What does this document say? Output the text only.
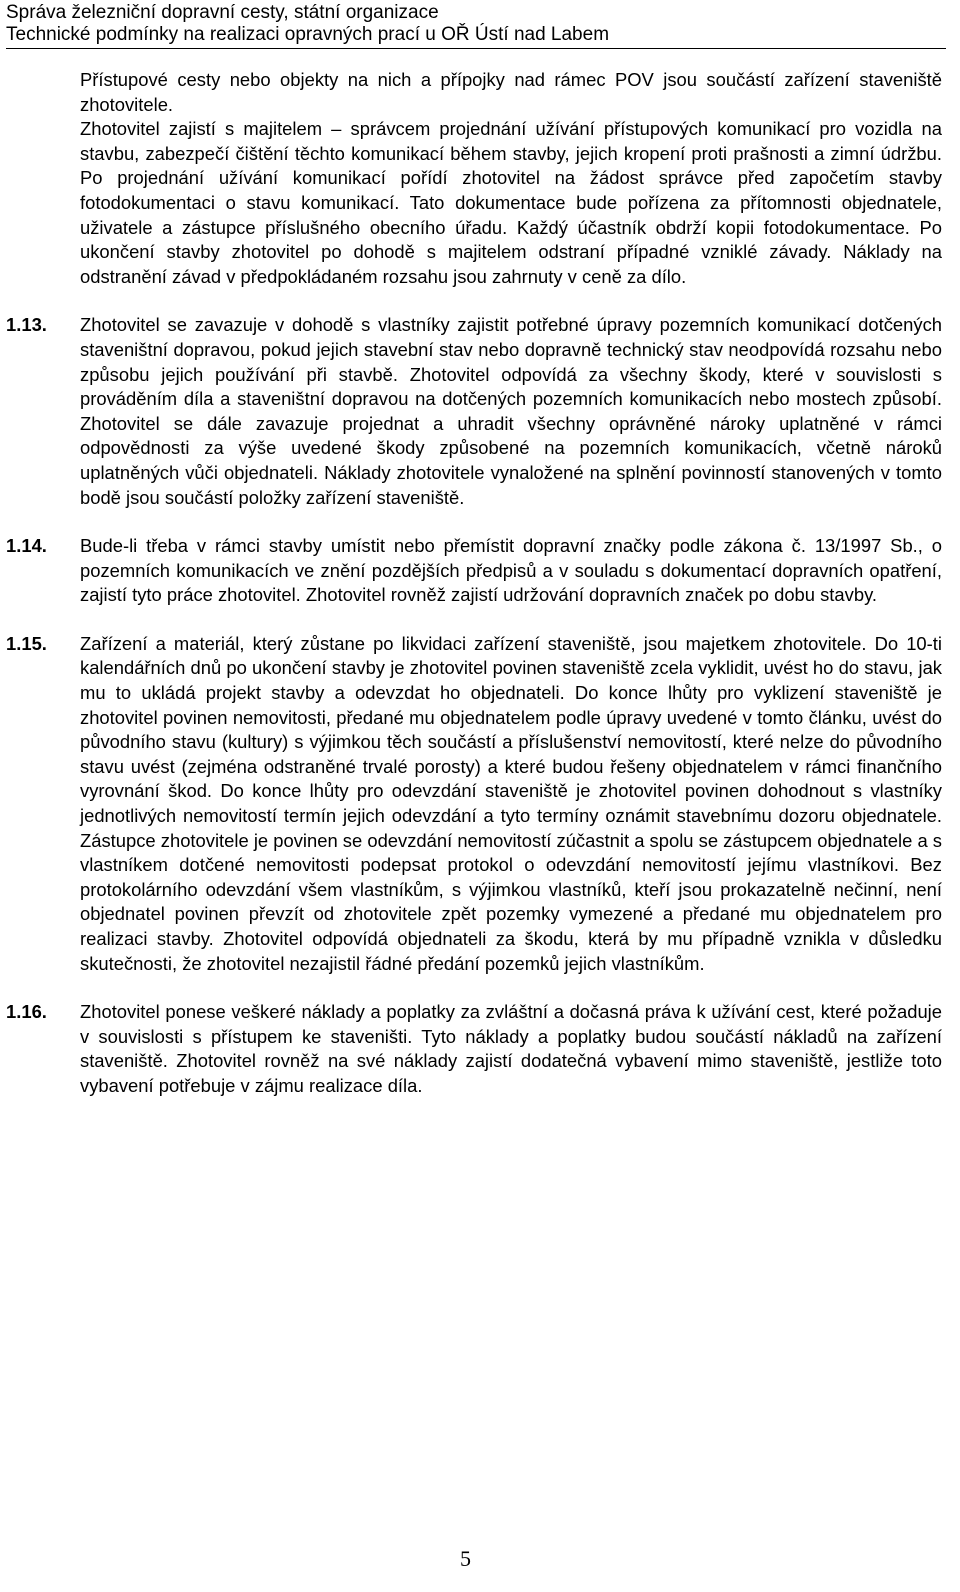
Správa železniční dopravní cesty, státní organizace
Technické podmínky na realizaci opravných prací u OŘ Ústí nad Labem

Přístupové cesty nebo objekty na nich a přípojky nad rámec POV jsou součástí zařízení staveniště zhotovitele.

Zhotovitel zajistí s majitelem – správcem projednání užívání přístupových komunikací pro vozidla na stavbu, zabezpečí čištění těchto komunikací během stavby, jejich kropení proti prašnosti a zimní údržbu. Po projednání užívání komunikací pořídí zhotovitel na žádost správce před započetím stavby fotodokumentaci o stavu komunikací. Tato dokumentace bude pořízena za přítomnosti objednatele, uživatele a zástupce příslušného obecního úřadu. Každý účastník obdrží kopii fotodokumentace. Po ukončení stavby zhotovitel po dohodě s majitelem odstraní případné vzniklé závady. Náklady na odstranění závad v předpokládaném rozsahu jsou zahrnuty v ceně za dílo.

1.13. Zhotovitel se zavazuje v dohodě s vlastníky zajistit potřebné úpravy pozemních komunikací dotčených staveništní dopravou, pokud jejich stavební stav nebo dopravně technický stav neodpovídá rozsahu nebo způsobu jejich používání při stavbě. Zhotovitel odpovídá za všechny škody, které v souvislosti s prováděním díla a staveništní dopravou na dotčených pozemních komunikacích nebo mostech způsobí. Zhotovitel se dále zavazuje projednat a uhradit všechny oprávněné nároky uplatněné v rámci odpovědnosti za výše uvedené škody způsobené na pozemních komunikacích, včetně nároků uplatněných vůči objednateli. Náklady zhotovitele vynaložené na splnění povinností stanovených v tomto bodě jsou součástí položky zařízení staveniště.

1.14. Bude-li třeba v rámci stavby umístit nebo přemístit dopravní značky podle zákona č. 13/1997 Sb., o pozemních komunikacích ve znění pozdějších předpisů a v souladu s dokumentací dopravních opatření, zajistí tyto práce zhotovitel. Zhotovitel rovněž zajistí udržování dopravních značek po dobu stavby.

1.15. Zařízení a materiál, který zůstane po likvidaci zařízení staveniště, jsou majetkem zhotovitele. Do 10-ti kalendářních dnů po ukončení stavby je zhotovitel povinen staveniště zcela vyklidit, uvést ho do stavu, jak mu to ukládá projekt stavby a odevzdat ho objednateli. Do konce lhůty pro vyklizení staveniště je zhotovitel povinen nemovitosti, předané mu objednatelem podle úpravy uvedené v tomto článku, uvést do původního stavu (kultury) s výjimkou těch součástí a příslušenství nemovitostí, které nelze do původního stavu uvést (zejména odstraněné trvalé porosty) a které budou řešeny objednatelem v rámci finančního vyrovnání škod. Do konce lhůty pro odevzdání staveniště je zhotovitel povinen dohodnout s vlastníky jednotlivých nemovitostí termín jejich odevzdání a tyto termíny oznámit stavebnímu dozoru objednatele. Zástupce zhotovitele je povinen se odevzdání nemovitostí zúčastnit a spolu se zástupcem objednatele a s vlastníkem dotčené nemovitosti podepsat protokol o odevzdání nemovitostí jejímu vlastníkovi. Bez protokolárního odevzdání všem vlastníkům, s výjimkou vlastníků, kteří jsou prokazatelně nečinní, není objednatel povinen převzít od zhotovitele zpět pozemky vymezené a předané mu objednatelem pro realizaci stavby. Zhotovitel odpovídá objednateli za škodu, která by mu případně vznikla v důsledku skutečnosti, že zhotovitel nezajistil řádné předání pozemků jejich vlastníkům.

1.16. Zhotovitel ponese veškeré náklady a poplatky za zvláštní a dočasná práva k užívání cest, které požaduje v souvislosti s přístupem ke staveništi. Tyto náklady a poplatky budou součástí nákladů na zařízení staveniště. Zhotovitel rovněž na své náklady zajistí dodatečná vybavení mimo staveniště, jestliže toto vybavení potřebuje v zájmu realizace díla.

5
